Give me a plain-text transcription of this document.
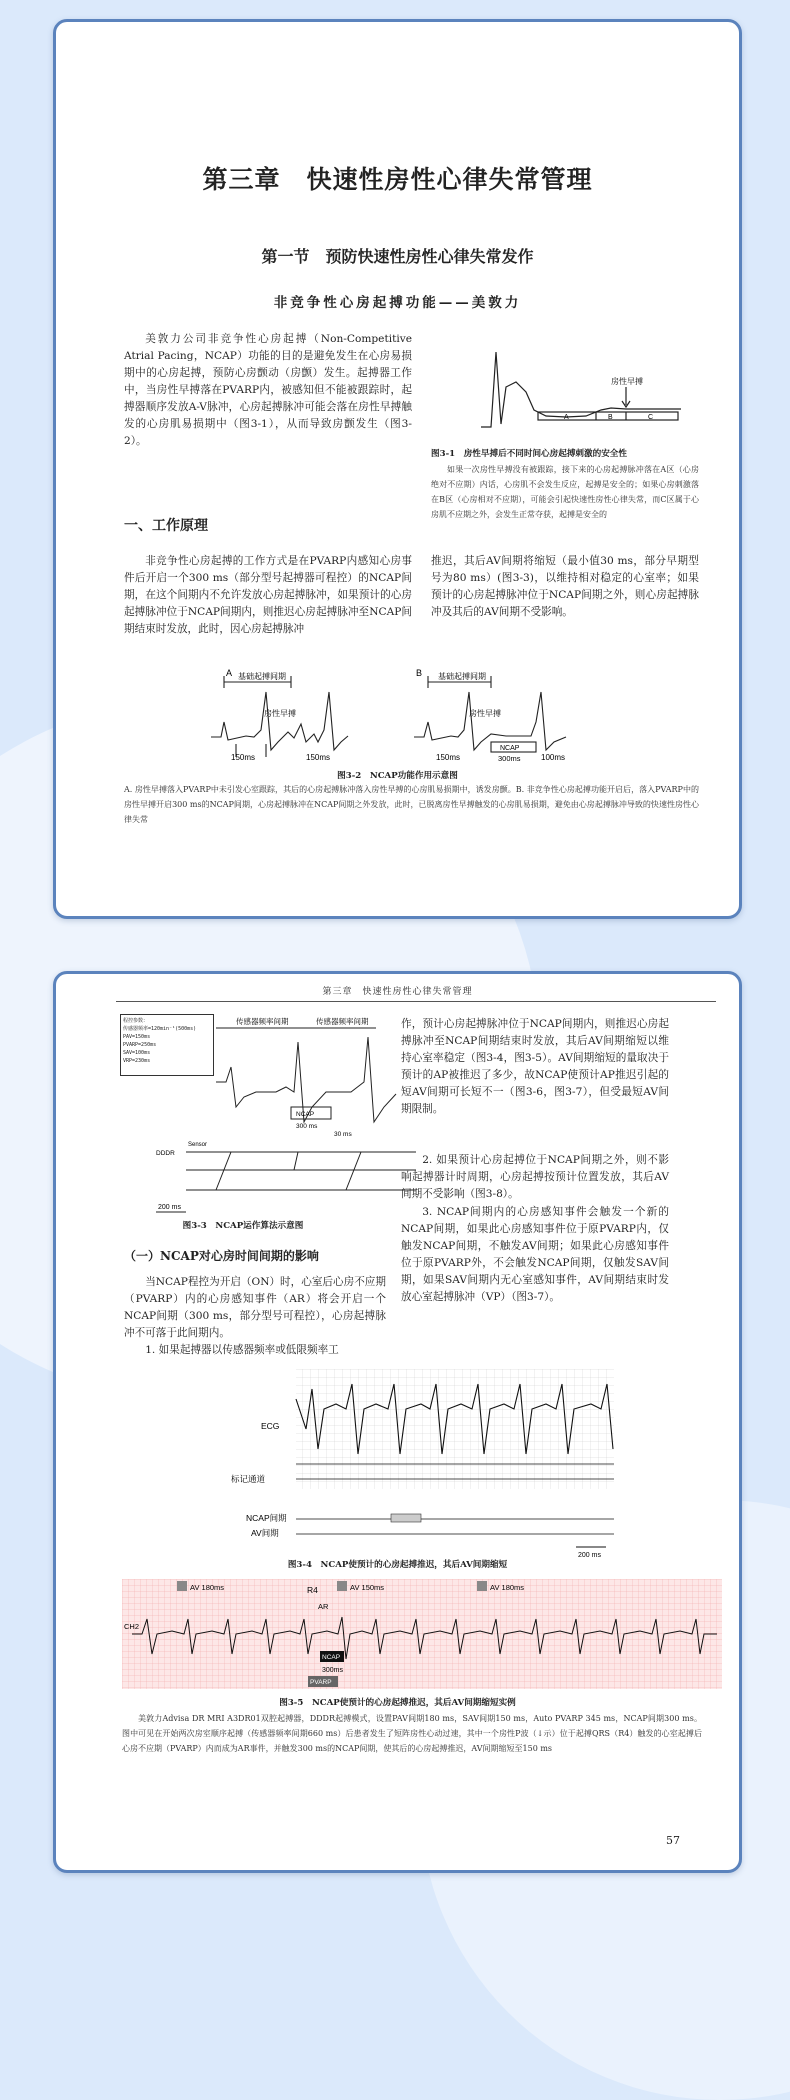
第三章　快速性房性心律失常管理
第一节　预防快速性房性心律失常发作
非竞争性心房起搏功能——美敦力
美敦力公司非竞争性心房起搏（Non-Competitive Atrial Pacing，NCAP）功能的目的是避免发生在心房易损期中的心房起搏，预防心房颤动（房颤）发生。起搏器工作中，当房性早搏落在PVARP内，被感知但不能被跟踪时，起搏器顺序发放A-V脉冲，心房起搏脉冲可能会落在房性早搏触发的心房肌易损期中（图3-1），从而导致房颤发生（图3-2）。
房性早搏
A	B	C
图3-1　房性早搏后不同时间心房起搏刺激的安全性
如果一次房性早搏没有被跟踪，接下来的心房起搏脉冲落在A区（心房绝对不应期）内话，心房肌不会发生反应，起搏是安全的；如果心房刺激落在B区（心房相对不应期），可能会引起快速性房性心律失常，而C区属于心房肌不应期之外，会发生正常夺获，起搏是安全的
一、工作原理
非竞争性心房起搏的工作方式是在PVARP内感知心房事件后开启一个300 ms（部分型号起搏器可程控）的NCAP间期，在这个间期内不允许发放心房起搏脉冲，如果预计的心房起搏脉冲位于NCAP间期内，则推迟心房起搏脉冲至NCAP间期结束时发放，此时，因心房起搏脉冲
推迟，其后AV间期将缩短（最小值30 ms，部分早期型号为80 ms）(图3-3)，以维持相对稳定的心室率；如果预计的心房起搏脉冲位于NCAP间期之外，则心房起搏脉冲及其后的AV间期不受影响。
A 基础起搏间期
房性早搏
150ms	150ms
B 基础起搏间期
房性早搏
150ms
NCAP
300ms	100ms
图3-2　NCAP功能作用示意图
A. 房性早搏落入PVARP中未引发心室跟踪，其后的心房起搏脉冲落入房性早搏的心房肌易损期中，诱发房颤。B. 非竞争性心房起搏功能开启后，落入PVARP中的房性早搏开启300 ms的NCAP间期，心房起搏脉冲在NCAP间期之外发放，此时，已脱离房性早搏触发的心房肌易损期，避免由心房起搏脉冲导致的快速性房性心律失常
第三章　快速性房性心律失常管理
程控参数：
传感器频率=120min⁻¹(500ms)
PAV=150ms
PVARP=250ms
SAV=100ms
VRP=230ms
传感器频率间期	传感器频率间期
NCAP
300 ms
30 ms
DDDR
Sensor
200 ms
图3-3　NCAP运作算法示意图
（一）NCAP对心房时间间期的影响
当NCAP程控为开启（ON）时，心室后心房不应期（PVARP）内的心房感知事件（AR）将会开启一个NCAP间期（300 ms，部分型号可程控），心房起搏脉冲不可落于此间期内。
1. 如果起搏器以传感器频率或低限频率工
作，预计心房起搏脉冲位于NCAP间期内，则推迟心房起搏脉冲至NCAP间期结束时发放，其后AV间期缩短以维持心室率稳定（图3-4，图3-5）。AV间期缩短的量取决于预计的AP被推迟了多少，故NCAP使预计AP推迟引起的短AV间期可长短不一（图3-6，图3-7），但受最短AV间期限制。
2. 如果预计心房起搏位于NCAP间期之外，则不影响起搏器计时周期，心房起搏按预计位置发放，其后AV间期不受影响（图3-8）。
3. NCAP间期内的心房感知事件会触发一个新的NCAP间期，如果此心房感知事件位于原PVARP内，仅触发NCAP间期，不触发AV间期；如果此心房感知事件位于原PVARP外，不会触发NCAP间期，仅触发SAV间期，如果SAV间期内无心室感知事件，AV间期结束时发放心室起搏脉冲（VP）（图3-7）。
ECG
标记通道
NCAP间期
AV间期
200 ms
图3-4　NCAP使预计的心房起搏推迟，其后AV间期缩短
AV 180ms	AV 150ms	AV 180ms
R4
AR
CH2
NCAP
300ms
PVARP
图3-5　NCAP使预计的心房起搏推迟，其后AV间期缩短实例
美敦力Advisa DR MRI A3DR01双腔起搏器，DDDR起搏模式，设置PAV间期180 ms，SAV间期150 ms，Auto PVARP 345 ms，NCAP间期300 ms。图中可见在开始两次房室顺序起搏（传感器频率间期660 ms）后患者发生了短阵房性心动过速，其中一个房性P波（↓示）位于起搏QRS（R4）触发的心室起搏后心房不应期（PVARP）内而成为AR事件，并触发300 ms的NCAP间期，使其后的心房起搏推迟，AV间期缩短至150 ms
57
